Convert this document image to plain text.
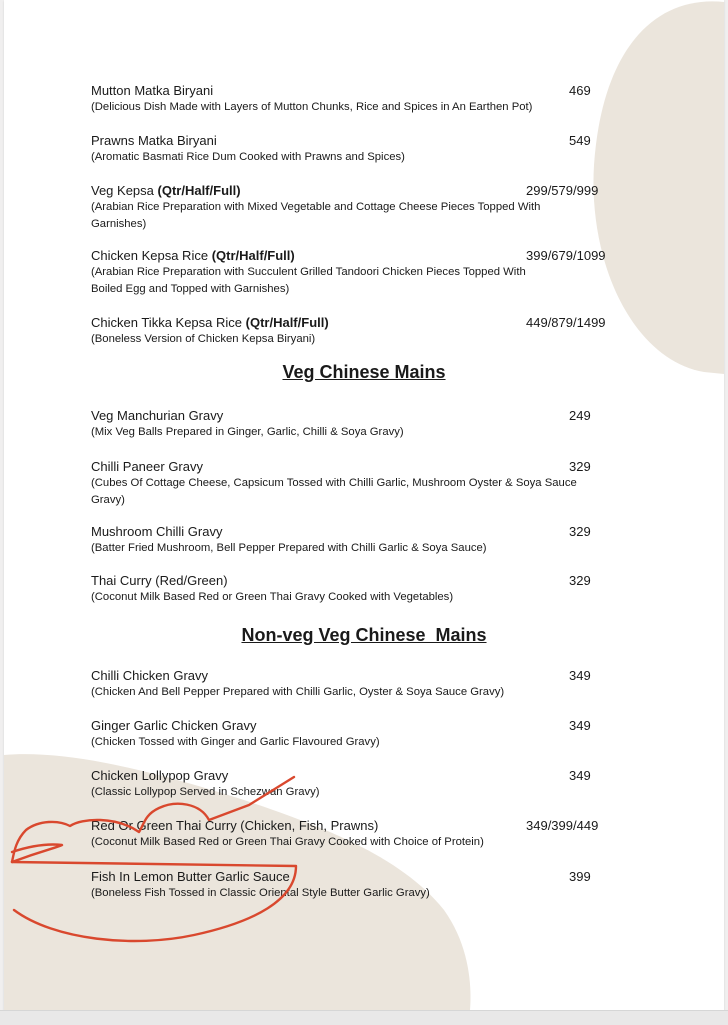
Mutton Matka Biryani
(Delicious Dish Made with Layers of Mutton Chunks, Rice and Spices in An Earthen Pot)
469
Prawns Matka Biryani
(Aromatic Basmati Rice Dum Cooked with Prawns and Spices)
549
Veg Kepsa (Qtr/Half/Full)
(Arabian Rice Preparation with Mixed Vegetable and Cottage Cheese Pieces Topped With Garnishes)
299/579/999
Chicken Kepsa Rice (Qtr/Half/Full)
(Arabian Rice Preparation with Succulent Grilled Tandoori Chicken Pieces Topped With Boiled Egg and Topped with Garnishes)
399/679/1099
Chicken Tikka Kepsa Rice (Qtr/Half/Full)
(Boneless Version of Chicken Kepsa Biryani)
449/879/1499
Veg Chinese Mains
Veg Manchurian Gravy
(Mix Veg Balls Prepared in Ginger, Garlic, Chilli & Soya Gravy)
249
Chilli Paneer Gravy
(Cubes Of Cottage Cheese, Capsicum Tossed with Chilli Garlic, Mushroom Oyster & Soya Sauce Gravy)
329
Mushroom Chilli Gravy
(Batter Fried Mushroom, Bell Pepper Prepared with Chilli Garlic & Soya Sauce)
329
Thai Curry (Red/Green)
(Coconut Milk Based Red or Green Thai Gravy Cooked with Vegetables)
329
Non-veg Veg Chinese  Mains
Chilli Chicken Gravy
(Chicken And Bell Pepper Prepared with Chilli Garlic, Oyster & Soya Sauce Gravy)
349
Ginger Garlic Chicken Gravy
(Chicken Tossed with Ginger and Garlic Flavoured Gravy)
349
Chicken Lollypop Gravy
(Classic Lollypop Served in Schezwan Gravy)
349
Red Or Green Thai Curry (Chicken, Fish, Prawns)
(Coconut Milk Based Red or Green Thai Gravy Cooked with Choice of Protein)
349/399/449
Fish In Lemon Butter Garlic Sauce
(Boneless Fish Tossed in Classic Oriental Style Butter Garlic Gravy)
399
